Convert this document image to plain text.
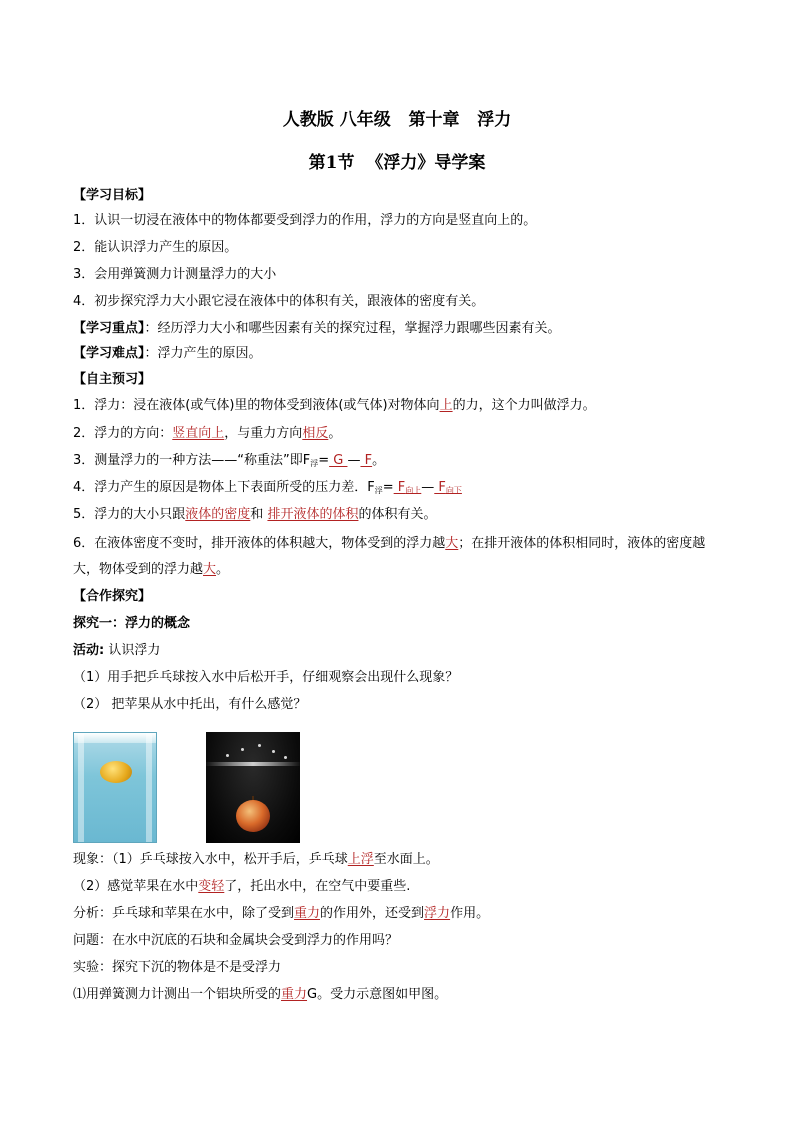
人教版 八年级   第十章   浮力
第1节  《浮力》导学案
【学习目标】
1．认识一切浸在液体中的物体都要受到浮力的作用，浮力的方向是竖直向上的。
2．能认识浮力产生的原因。
3．会用弹簧测力计测量浮力的大小
4．初步探究浮力大小跟它浸在液体中的体积有关，跟液体的密度有关。
【学习重点】：经历浮力大小和哪些因素有关的探究过程，掌握浮力跟哪些因素有关。
【学习难点】：浮力产生的原因。
【自主预习】
1．浮力：浸在液体(或气体)里的物体受到液体(或气体)对物体向上的力，这个力叫做浮力。
2．浮力的方向：竖直向上，与重力方向相反。
3．测量浮力的一种方法——“称重法”即$F_浮= G$ — F。
4．浮力产生的原因是物体上下表面所受的压力差．$F_浮=$ $F_{向上}—$ $F_{向下}$
5．浮力的大小只跟液体的密度和 排开液体的体积的体积有关。
6．在液体密度不变时，排开液体的体积越大，物体受到的浮力越大；在排开液体的体积相同时，液体的密度越大，物体受到的浮力越大。
【合作探究】
探究一：浮力的概念
活动: 认识浮力
（1）用手把乒乓球按入水中后松开手，仔细观察会出现什么现象？
（2） 把苹果从水中托出，有什么感觉？
现象：（1）乒乓球按入水中，松开手后，乒乓球上浮至水面上。
（2）感觉苹果在水中变轻了，托出水中，在空气中要重些.
分析：乒乓球和苹果在水中，除了受到重力的作用外，还受到浮力作用。
问题：在水中沉底的石块和金属块会受到浮力的作用吗？
实验：探究下沉的物体是不是受浮力
⑴用弹簧测力计测出一个铝块所受的重力G。受力示意图如甲图。
